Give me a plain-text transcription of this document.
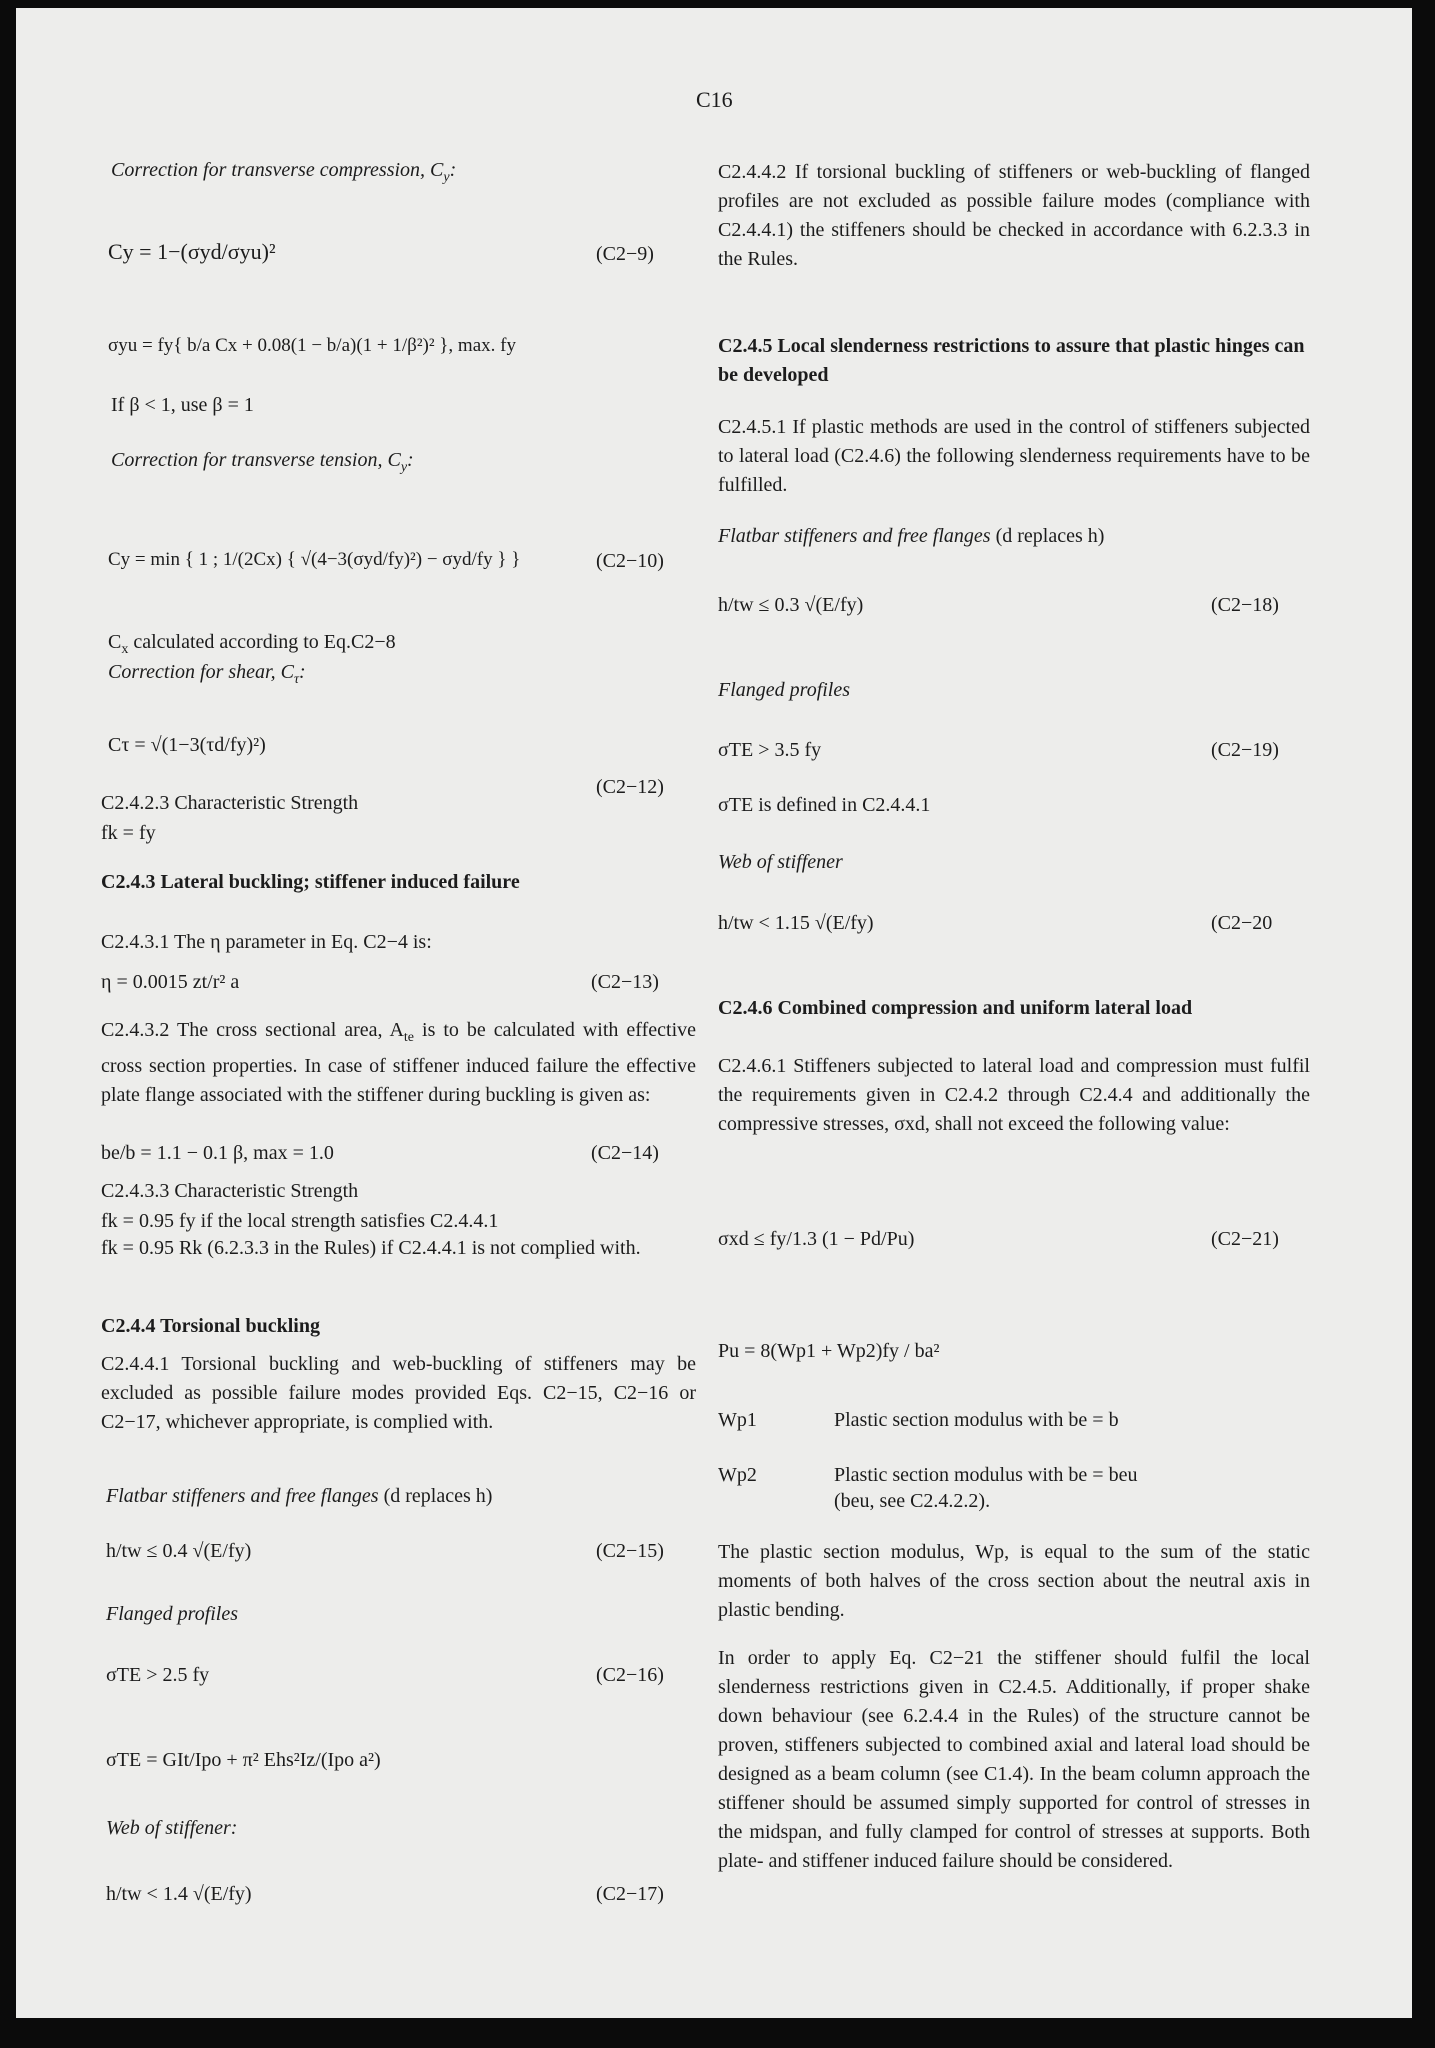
C16
Correction for transverse compression, $C_y$:
Cy = 1−(σyd/σyu)²	(C2−9)
σyu = fy{ b/a Cx + 0.08(1 − b/a)(1 + 1/β²)² }, max. fy
If β < 1, use β = 1
Correction for transverse tension, $C_y$:
Cy = min { 1 ; 1/(2Cx) { √(4−3(σyd/fy)²) − σyd/fy } }	(C2−10)
$C_x$ calculated according to Eq.C2−8
Correction for shear, $C_\tau$:
Cτ = √(1−3(τd/fy)²)
(C2−12)
C2.4.2.3 Characteristic Strength
fk = fy
C2.4.3 Lateral buckling; stiffener induced failure
C2.4.3.1 The η parameter in Eq. C2−4 is:
η = 0.0015 zt/r² a	(C2−13)
C2.4.3.2 The cross sectional area, $A_{te}$ is to be calculated with effective cross section properties. In case of stiffener induced failure the effective plate flange associated with the stiffener during buckling is given as:
be/b = 1.1 − 0.1 β, max = 1.0	(C2−14)
C2.4.3.3 Characteristic Strength
fk = 0.95 fy if the local strength satisfies C2.4.4.1
fk = 0.95 Rk (6.2.3.3 in the Rules) if C2.4.4.1 is not complied with.
C2.4.4 Torsional buckling
C2.4.4.1 Torsional buckling and web-buckling of stiffeners may be excluded as possible failure modes provided Eqs. C2−15, C2−16 or C2−17, whichever appropriate, is complied with.
Flatbar stiffeners and free flanges (d replaces h)
h/tw ≤ 0.4 √(E/fy)	(C2−15)
Flanged profiles
σTE > 2.5 fy	(C2−16)
σTE = GIt/Ipo + π² Ehs²Iz/(Ipo a²)
Web of stiffener:
h/tw < 1.4 √(E/fy)	(C2−17)
C2.4.4.2 If torsional buckling of stiffeners or web-buckling of flanged profiles are not excluded as possible failure modes (compliance with C2.4.4.1) the stiffeners should be checked in accordance with 6.2.3.3 in the Rules.
C2.4.5 Local slenderness restrictions to assure that plastic hinges can be developed
C2.4.5.1 If plastic methods are used in the control of stiffeners subjected to lateral load (C2.4.6) the following slenderness requirements have to be fulfilled.
Flatbar stiffeners and free flanges (d replaces h)
h/tw ≤ 0.3 √(E/fy)	(C2−18)
Flanged profiles
σTE > 3.5 fy	(C2−19)
σTE is defined in C2.4.4.1
Web of stiffener
h/tw < 1.15 √(E/fy)	(C2−20
C2.4.6 Combined compression and uniform lateral load
C2.4.6.1 Stiffeners subjected to lateral load and compression must fulfil the requirements given in C2.4.2 through C2.4.4 and additionally the compressive stresses, σxd, shall not exceed the following value:
σxd ≤ fy/1.3 (1 − Pd/Pu)	(C2−21)
Pu = 8(Wp1 + Wp2)fy / ba²
Wp1	Plastic section modulus with be = b
Wp2	Plastic section modulus with be = beu
(beu, see C2.4.2.2).
The plastic section modulus, Wp, is equal to the sum of the static moments of both halves of the cross section about the neutral axis in plastic bending.
In order to apply Eq. C2−21 the stiffener should fulfil the local slenderness restrictions given in C2.4.5. Additionally, if proper shake down behaviour (see 6.2.4.4 in the Rules) of the structure cannot be proven, stiffeners subjected to combined axial and lateral load should be designed as a beam column (see C1.4). In the beam column approach the stiffener should be assumed simply supported for control of stresses in the midspan, and fully clamped for control of stresses at supports. Both plate- and stiffener induced failure should be considered.
